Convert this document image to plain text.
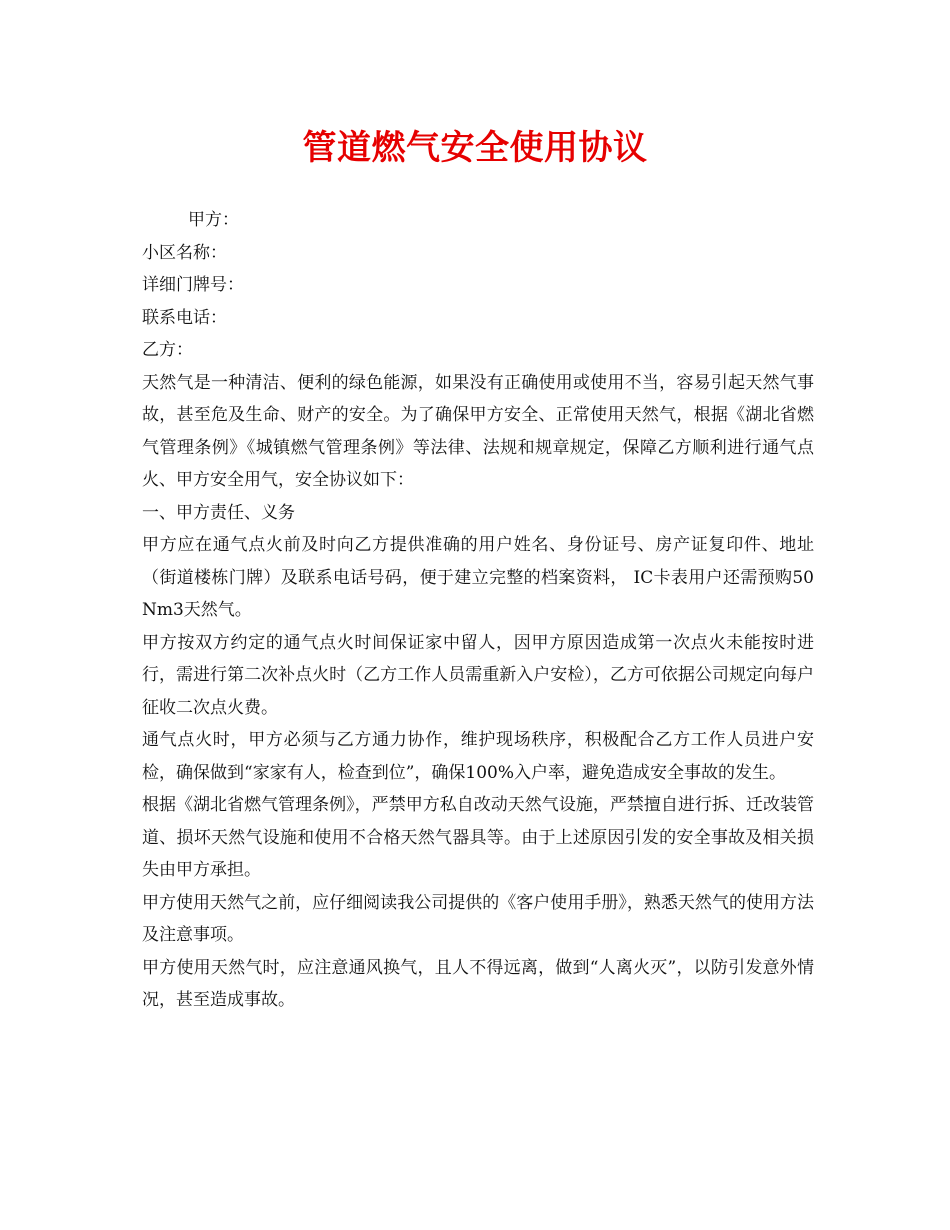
管道燃气安全使用协议

甲方：

小区名称：

详细门牌号：

联系电话：

乙方：

天然气是一种清洁、便利的绿色能源，如果没有正确使用或使用不当，容易引起天然气事故，甚至危及生命、财产的安全。为了确保甲方安全、正常使用天然气，根据《湖北省燃气管理条例》《城镇燃气管理条例》等法律、法规和规章规定，保障乙方顺利进行通气点火、甲方安全用气，安全协议如下：

一、甲方责任、义务

甲方应在通气点火前及时向乙方提供准确的用户姓名、身份证号、房产证复印件、地址（街道楼栋门牌）及联系电话号码，便于建立完整的档案资料， IC卡表用户还需预购50Nm3天然气。

甲方按双方约定的通气点火时间保证家中留人，因甲方原因造成第一次点火未能按时进行，需进行第二次补点火时（乙方工作人员需重新入户安检），乙方可依据公司规定向每户征收二次点火费。

通气点火时，甲方必须与乙方通力协作，维护现场秩序，积极配合乙方工作人员进户安检，确保做到“家家有人，检查到位”，确保100%入户率，避免造成安全事故的发生。

根据《湖北省燃气管理条例》，严禁甲方私自改动天然气设施，严禁擅自进行拆、迁改装管道、损坏天然气设施和使用不合格天然气器具等。由于上述原因引发的安全事故及相关损失由甲方承担。

甲方使用天然气之前，应仔细阅读我公司提供的《客户使用手册》，熟悉天然气的使用方法及注意事项。

甲方使用天然气时，应注意通风换气，且人不得远离，做到“人离火灭”，以防引发意外情况，甚至造成事故。
